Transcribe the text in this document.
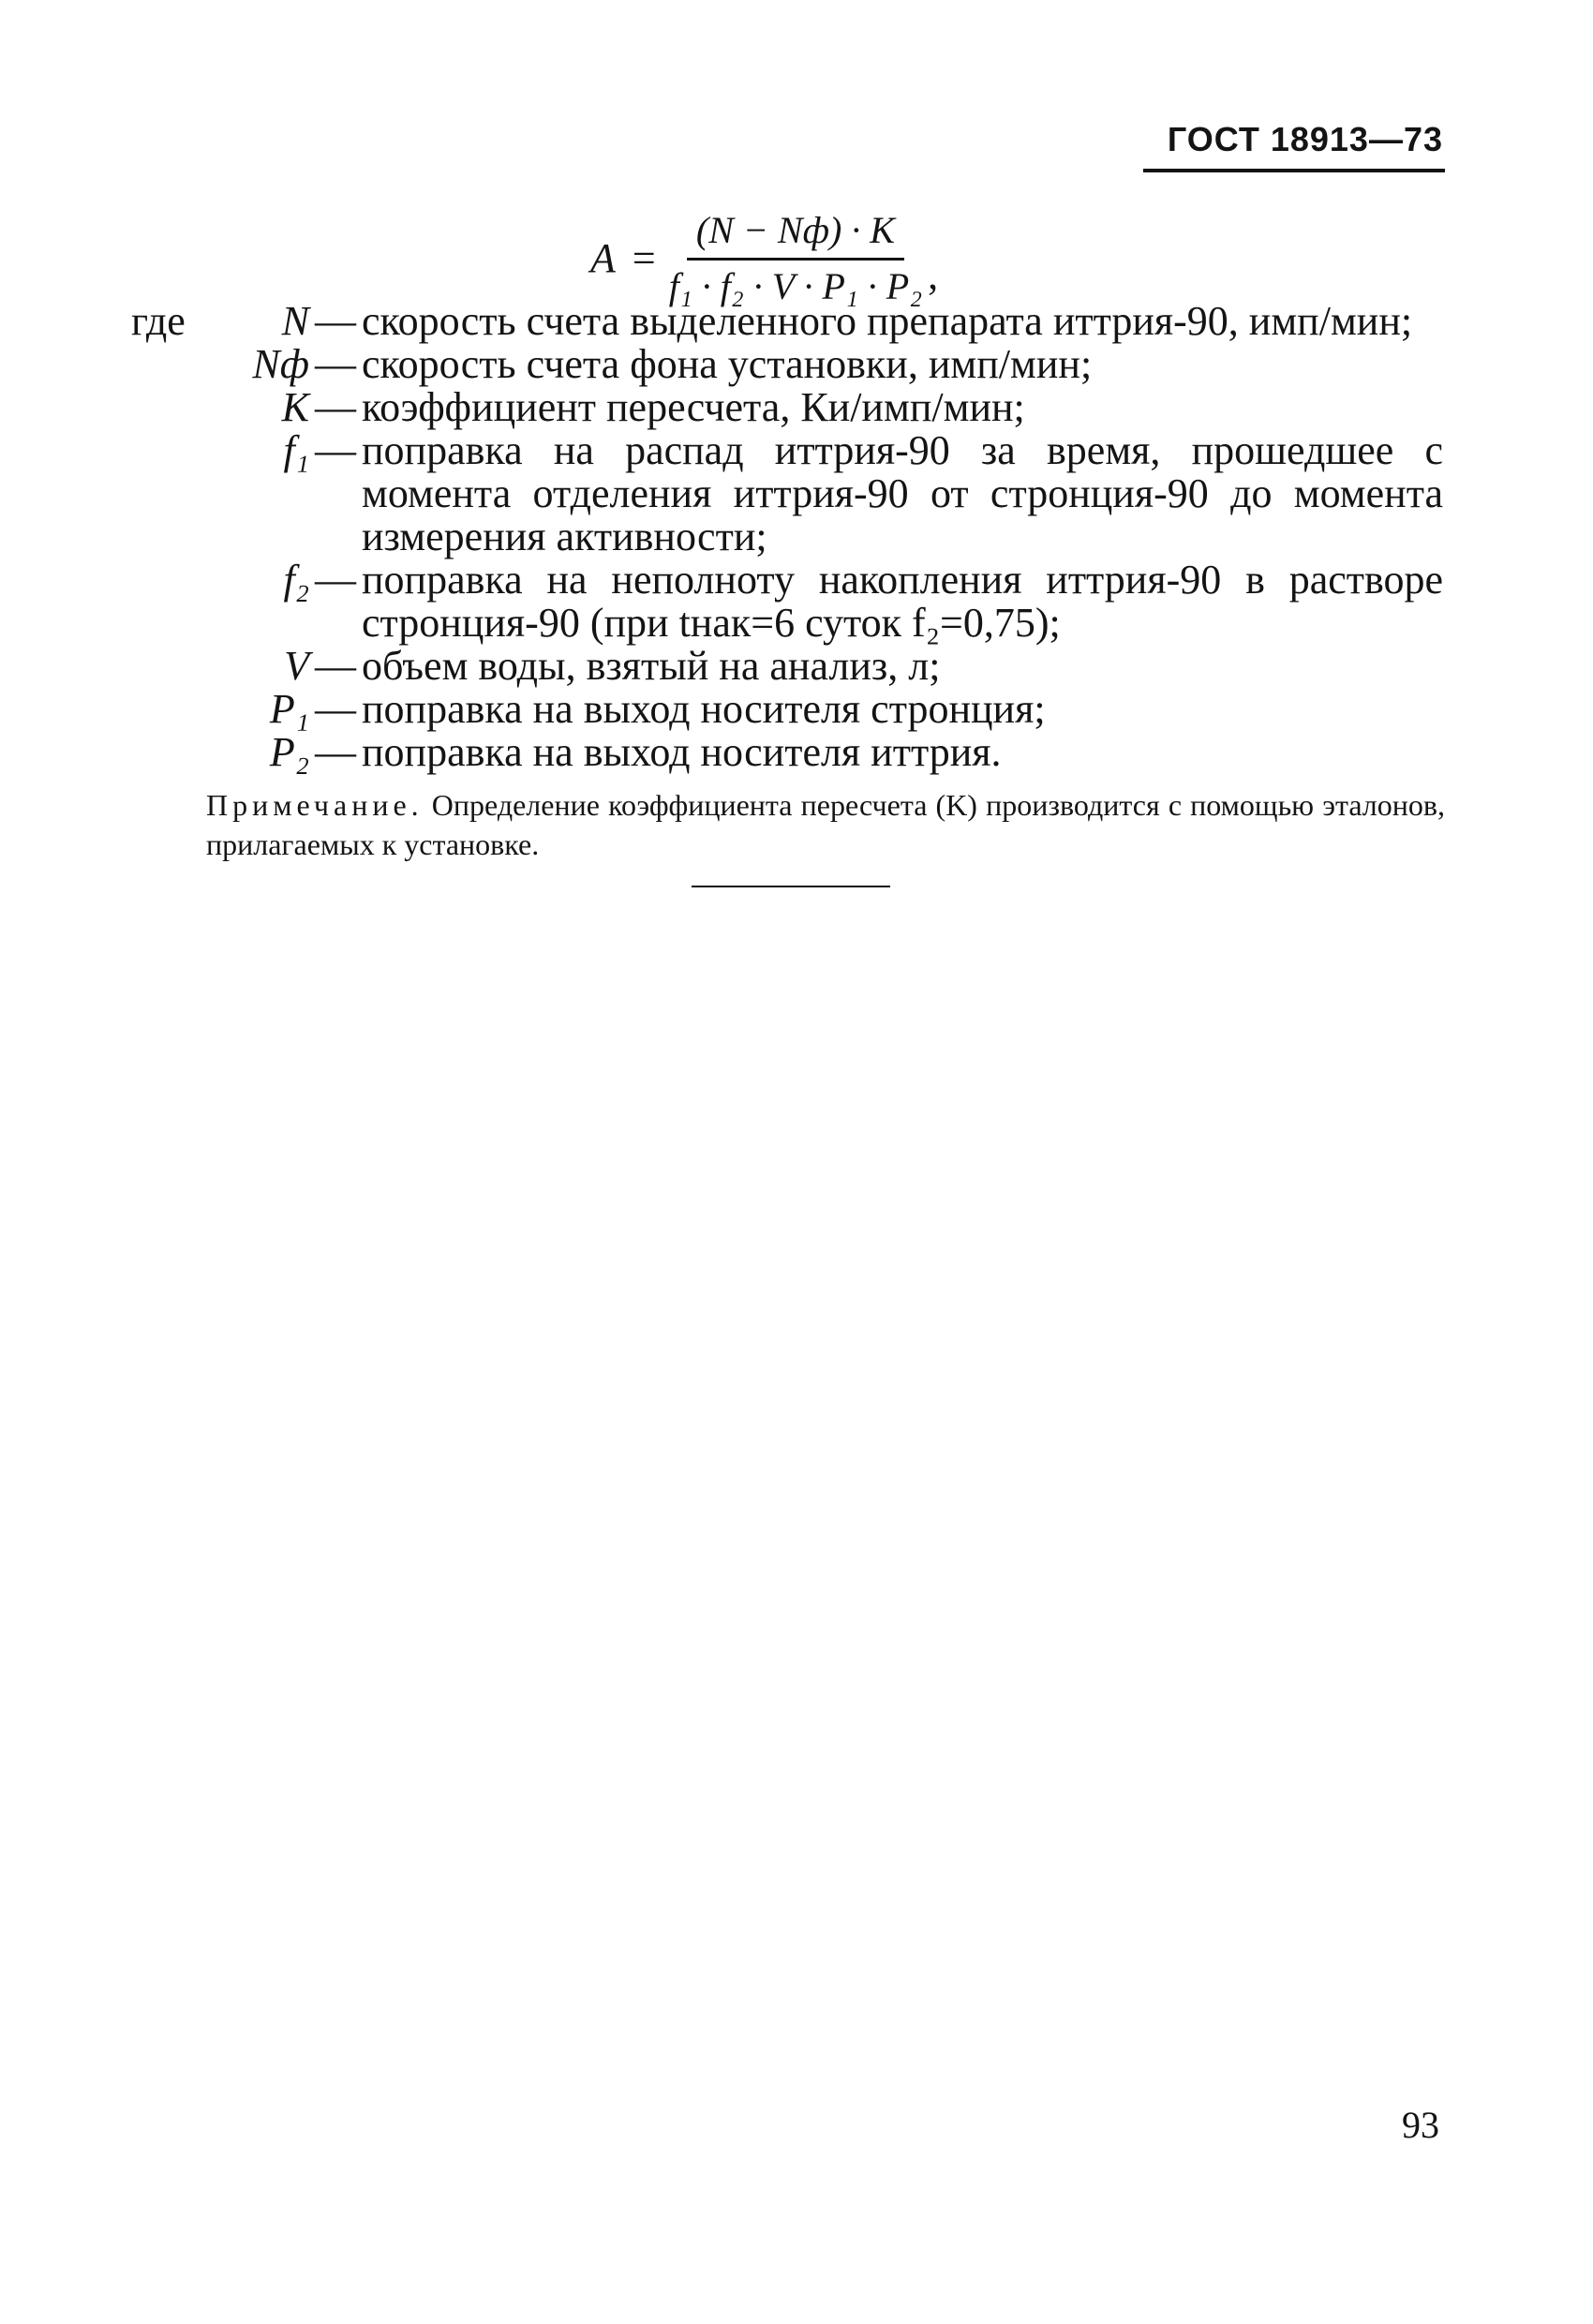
ГОСТ 18913—73
$A = \frac{(N - Nф) \cdot K}{\text{f₁ · f₂ · V · P₁ · P₂}}$ ,
где	N — скорость счета выделенного препарата иттрия-90, имп/мин;
Nф — скорость счета фона установки, имп/мин;
K — коэффициент пересчета, Ки/имп/мин;
f₁ — поправка на распад иттрия-90 за время, прошедшее с момента отделения иттрия-90 от стронция-90 до момента измерения активности;
f₂ — поправка на неполноту накопления иттрия-90 в растворе стронция-90 (при tнак=6 суток f₂=0,75);
V — объем воды, взятый на анализ, л;
P₁ — поправка на выход носителя стронция;
P₂ — поправка на выход носителя иттрия.
Примечание. Определение коэффициента пересчета (K) производится с помощью эталонов, прилагаемых к установке.
93
